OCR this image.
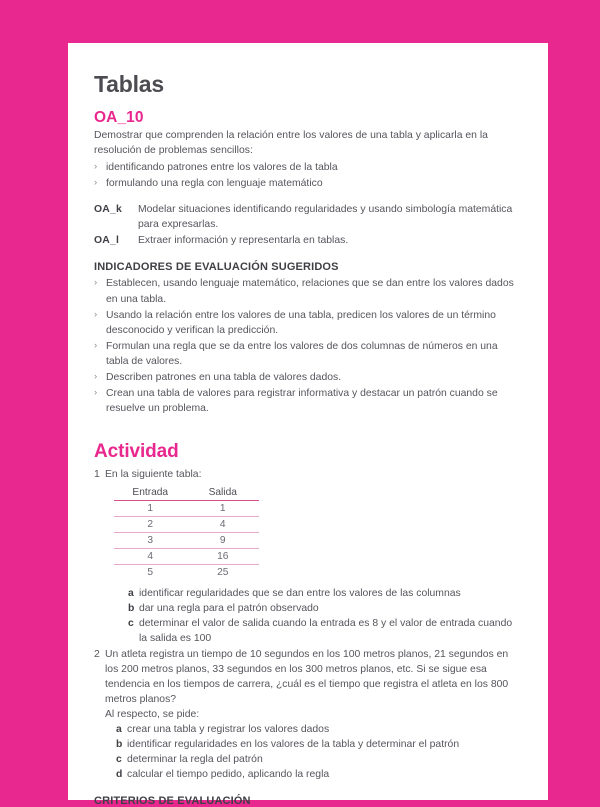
Tablas
OA_10

Demostrar que comprenden la relación entre los valores de una tabla y aplicarla en la resolución de problemas sencillos:

› identificando patrones entre los valores de la tabla
› formulando una regla con lenguaje matemático
OA_k	Modelar situaciones identificando regularidades y usando simbología matemática para expresarlas.
OA_l	Extraer información y representarla en tablas.
INDICADORES DE EVALUACIÓN SUGERIDOS
› Establecen, usando lenguaje matemático, relaciones que se dan entre los valores dados en una tabla.
› Usando la relación entre los valores de una tabla, predicen los valores de un término desconocido y verifican la predicción.
› Formulan una regla que se da entre los valores de dos columnas de números en una tabla de valores.
› Describen patrones en una tabla de valores dados.
› Crean una tabla de valores para registrar informativa y destacar un patrón cuando se resuelve un problema.
Actividad
1 En la siguiente tabla:
Entrada	Salida
1	1
2	4
3	9
4	16
5	25
a identificar regularidades que se dan entre los valores de las columnas
b dar una regla para el patrón observado
c determinar el valor de salida cuando la entrada es 8 y el valor de entrada cuando la salida es 100
2 Un atleta registra un tiempo de 10 segundos en los 100 metros planos, 21 segundos en los 200 metros planos, 33 segundos en los 300 metros planos, etc. Si se sigue esa tendencia en los tiempos de carrera, ¿cuál es el tiempo que registra el atleta en los 800 metros planos?
Al respecto, se pide:
a crear una tabla y registrar los valores dados
b identificar regularidades en los valores de la tabla y determinar el patrón
c determinar la regla del patrón
d calcular el tiempo pedido, aplicando la regla
CRITERIOS DE EVALUACIÓN
